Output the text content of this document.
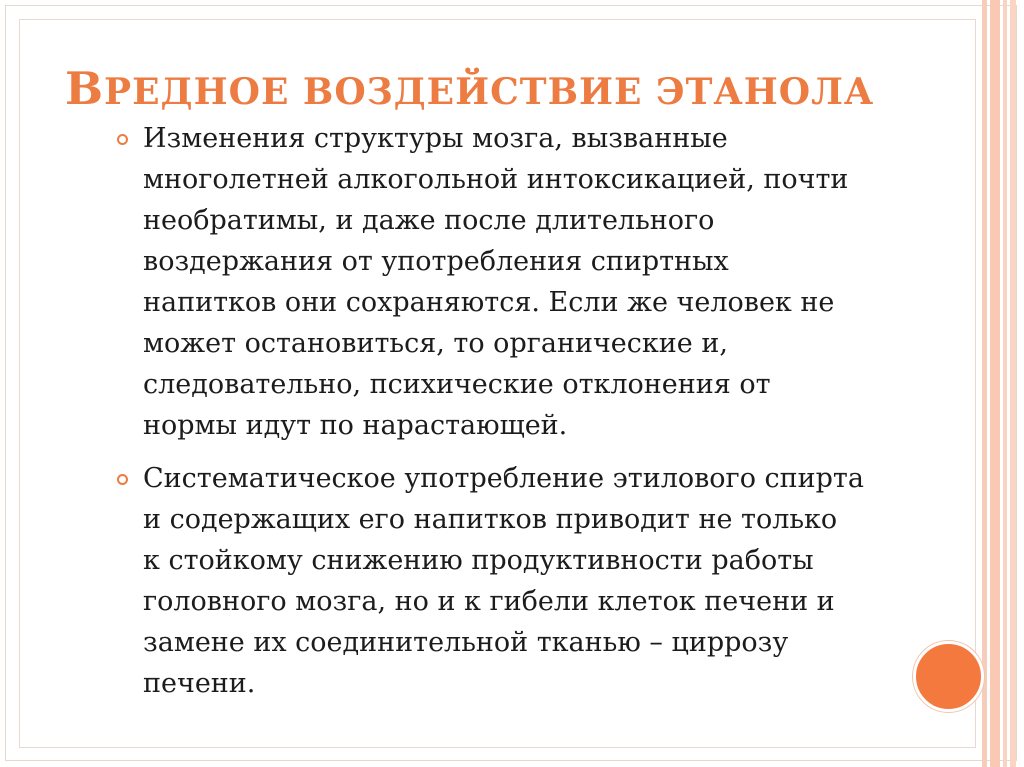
ВРЕДНОЕ ВОЗДЕЙСТВИЕ ЭТАНОЛА
Изменения структуры мозга, вызванные
многолетней алкогольной интоксикацией, почти
необратимы, и даже после длительного
воздержания от употребления спиртных
напитков они сохраняются. Если же человек не
может остановиться, то органические и,
следовательно, психические отклонения от
нормы идут по нарастающей.
Систематическое употребление этилового спирта
и содержащих его напитков приводит не только
к стойкому снижению продуктивности работы
головного мозга, но и к гибели клеток печени и
замене их соединительной тканью – циррозу
печени.
